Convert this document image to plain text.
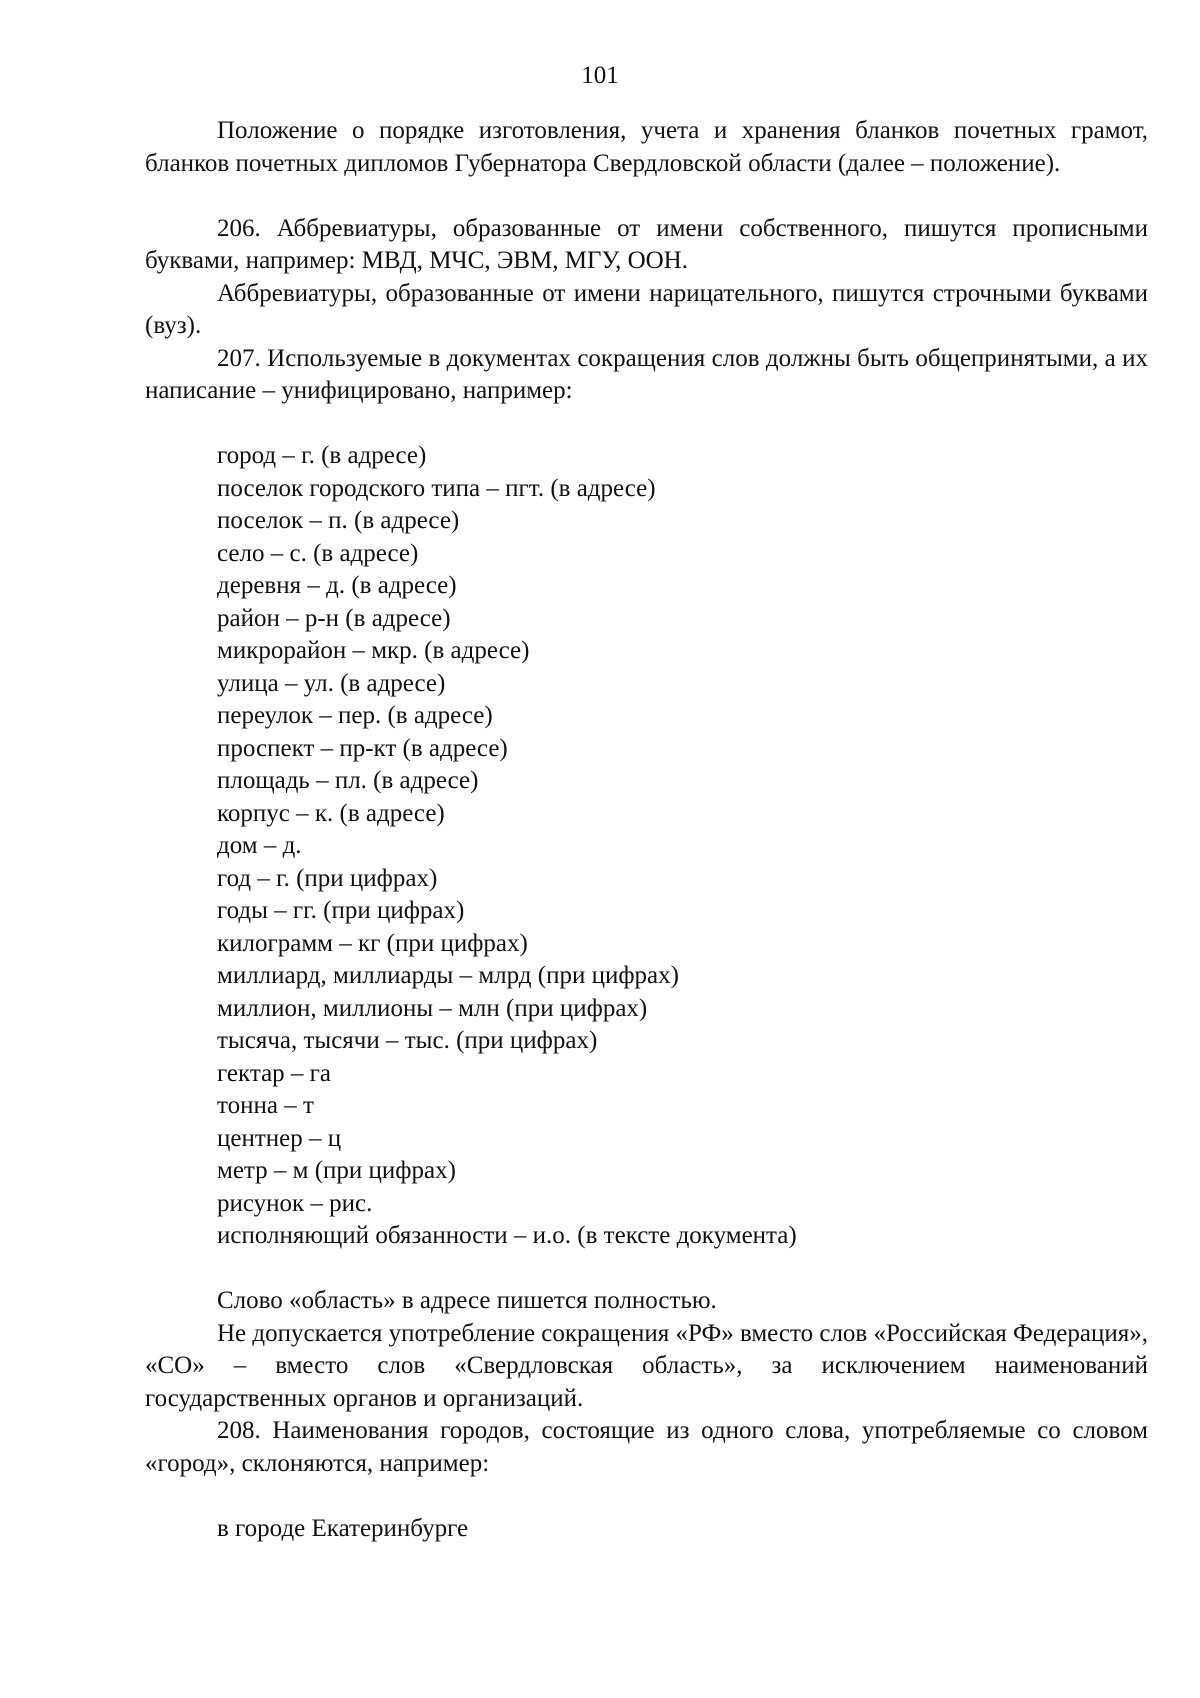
101

Положение о порядке изготовления, учета и хранения бланков почетных грамот, бланков почетных дипломов Губернатора Свердловской области (далее – положение).

206. Аббревиатуры, образованные от имени собственного, пишутся прописными буквами, например: МВД, МЧС, ЭВМ, МГУ, ООН.

Аббревиатуры, образованные от имени нарицательного, пишутся строчными буквами (вуз).

207. Используемые в документах сокращения слов должны быть общепринятыми, а их написание – унифицировано, например:

город – г. (в адресе)
поселок городского типа – пгт. (в адресе)
поселок – п. (в адресе)
село – с. (в адресе)
деревня – д. (в адресе)
район – р-н (в адресе)
микрорайон – мкр. (в адресе)
улица – ул. (в адресе)
переулок – пер. (в адресе)
проспект – пр-кт (в адресе)
площадь – пл. (в адресе)
корпус – к. (в адресе)
дом – д.
год – г. (при цифрах)
годы – гг. (при цифрах)
килограмм – кг (при цифрах)
миллиард, миллиарды – млрд (при цифрах)
миллион, миллионы – млн (при цифрах)
тысяча, тысячи – тыс. (при цифрах)
гектар – га
тонна – т
центнер – ц
метр – м (при цифрах)
рисунок – рис.
исполняющий обязанности – и.о. (в тексте документа)

Слово «область» в адресе пишется полностью.

Не допускается употребление сокращения «РФ» вместо слов «Российская Федерация», «СО» – вместо слов «Свердловская область», за исключением наименований государственных органов и организаций.

208. Наименования городов, состоящие из одного слова, употребляемые со словом «город», склоняются, например:

в городе Екатеринбурге
